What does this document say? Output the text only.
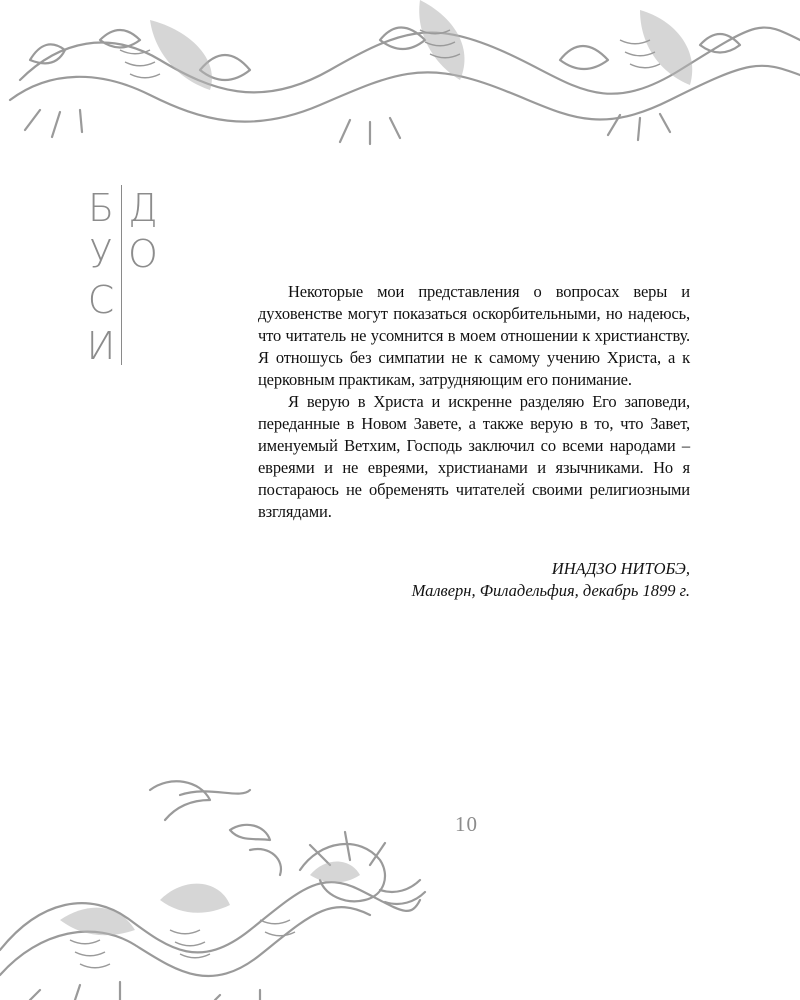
Б
У
С
И
Д
О

Некоторые мои представления о вопросах веры и духовенстве могут показаться оскорбительными, но надеюсь, что читатель не усомнится в моем отношении к христианству. Я отношусь без симпатии не к самому учению Христа, а к церковным практикам, затрудняющим его понимание.

Я верую в Христа и искренне разделяю Его заповеди, переданные в Новом Завете, а также верую в то, что Завет, именуемый Ветхим, Господь заключил со всеми народами – евреями и не евреями, христианами и язычниками. Но я постараюсь не обременять читателей своими религиозными взглядами.

ИНАДЗО НИТОБЭ,
Малверн, Филадельфия, декабрь 1899 г.
10
